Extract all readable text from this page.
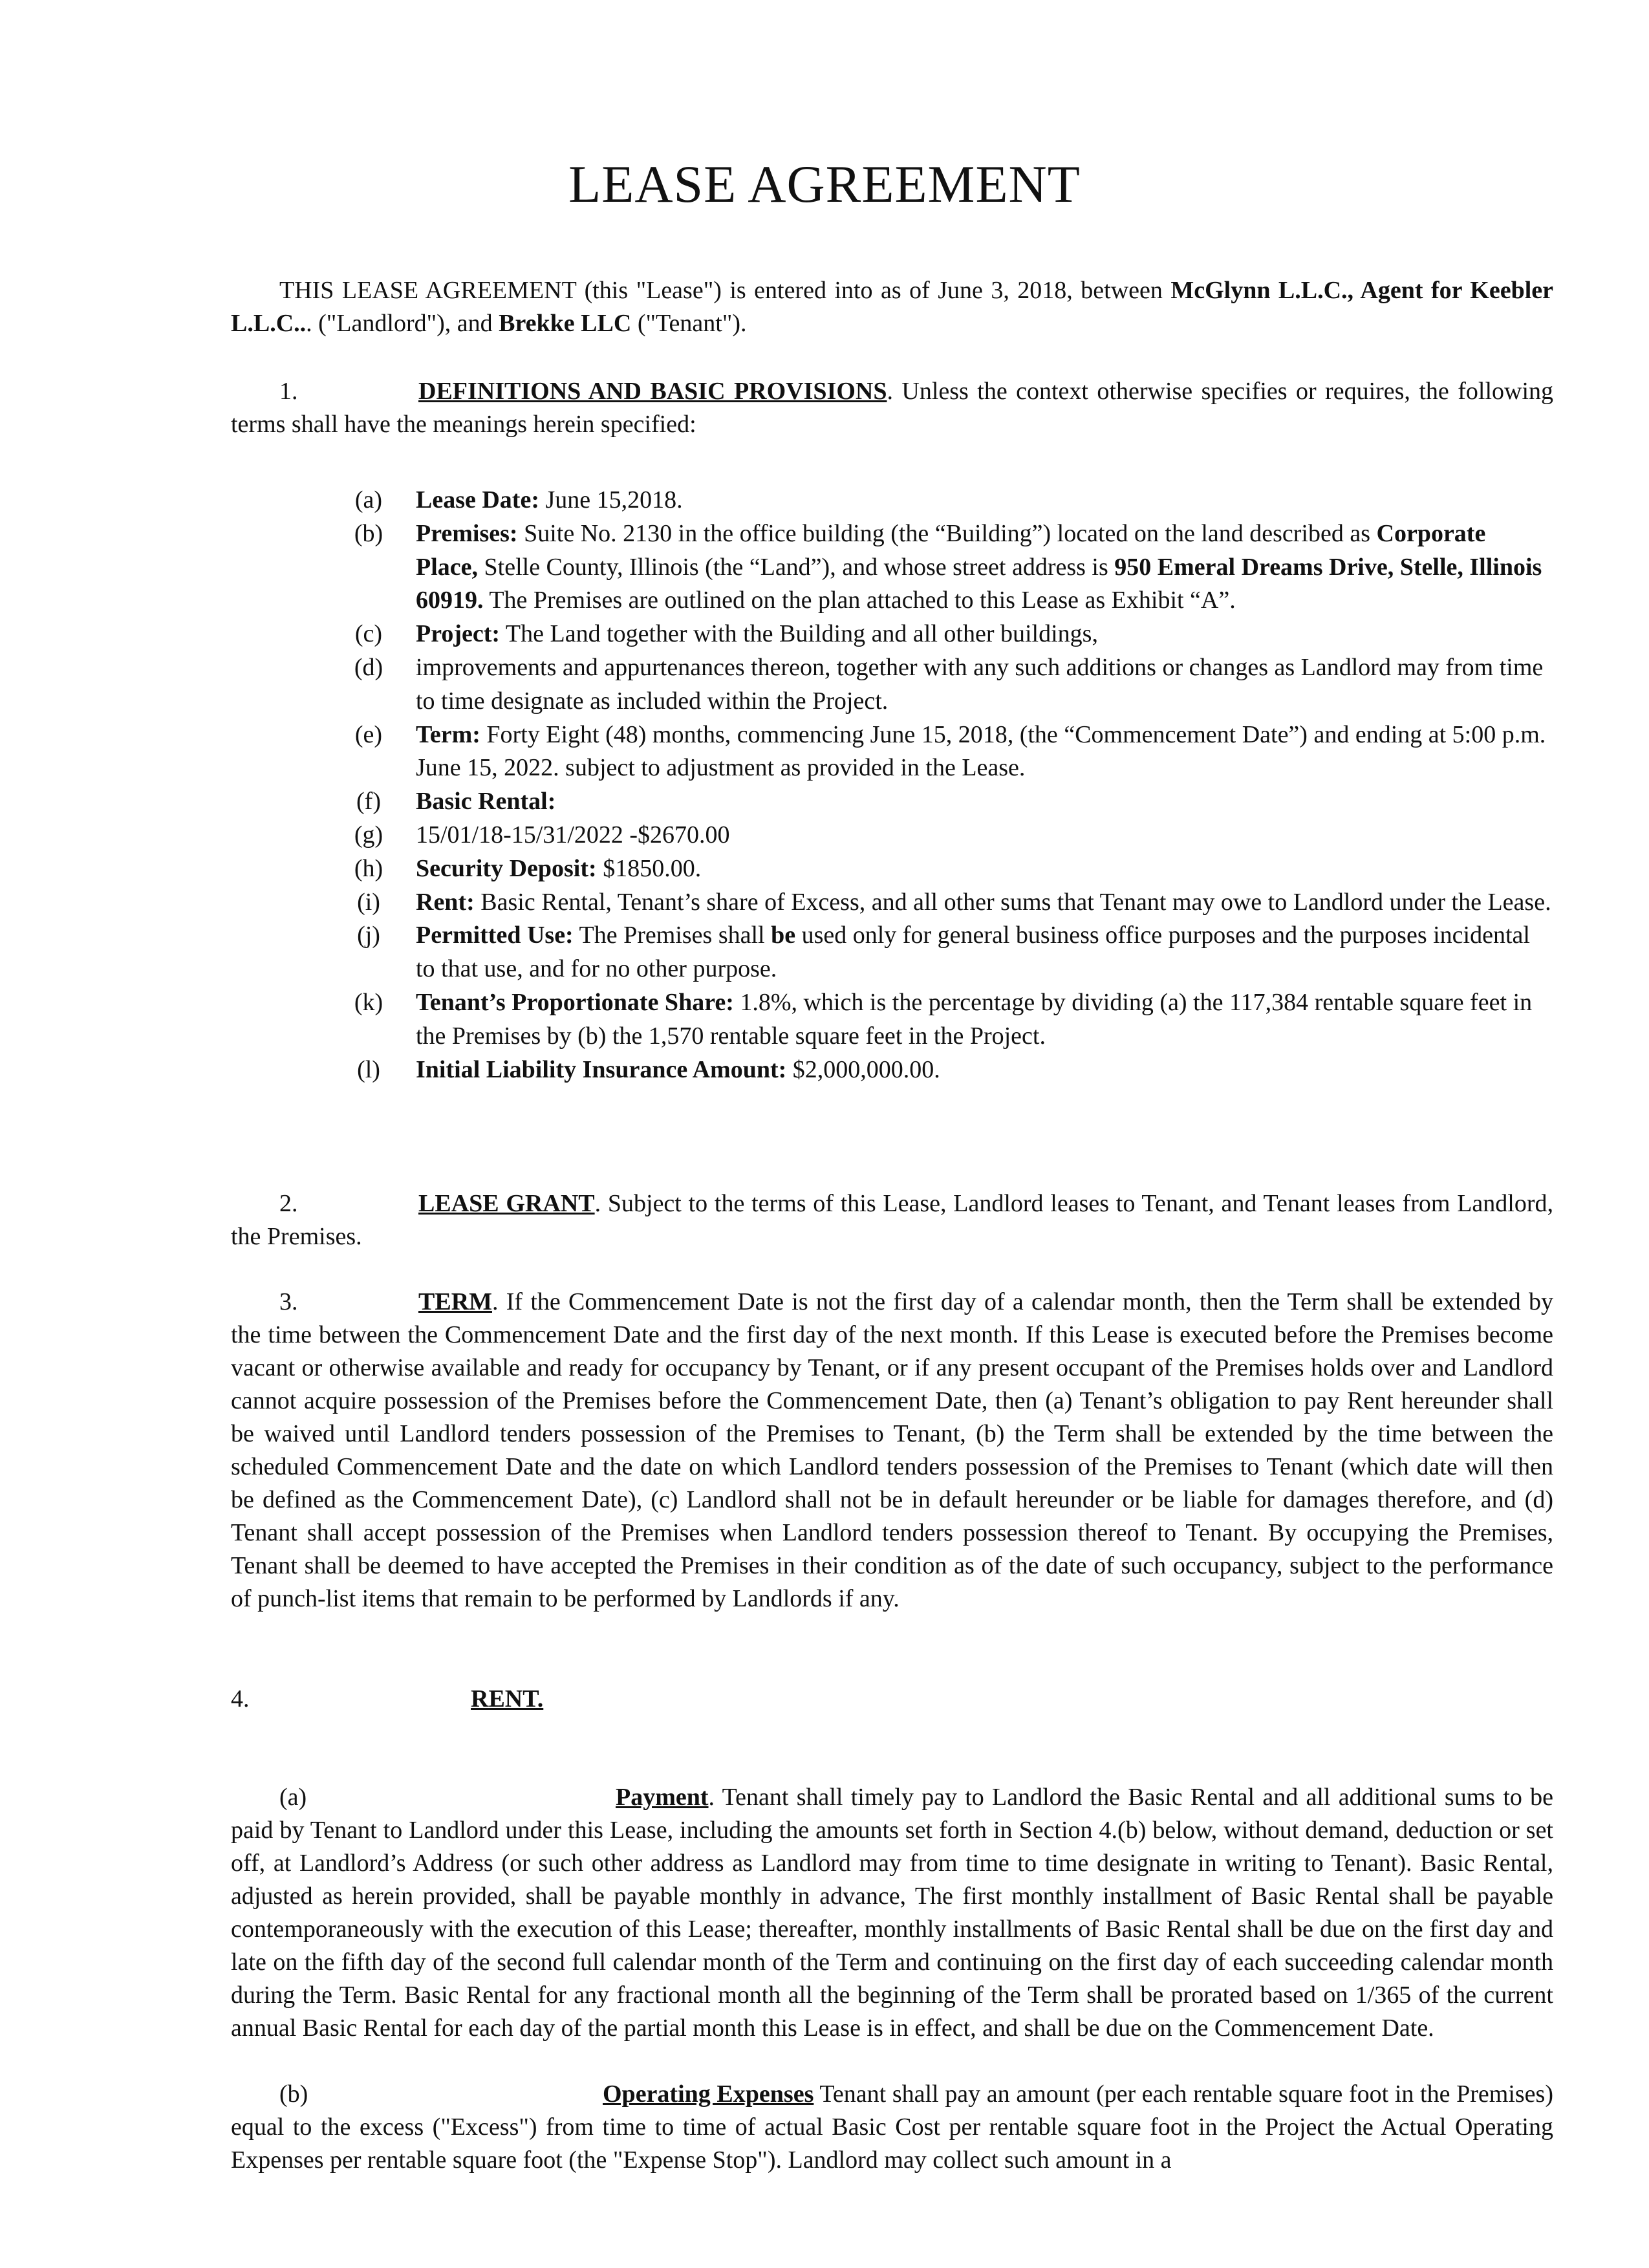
LEASE AGREEMENT

THIS LEASE AGREEMENT (this "Lease") is entered into as of June 3, 2018, between McGlynn L.L.C., Agent for Keebler L.L.C... ("Landlord"), and Brekke LLC ("Tenant").

1.	DEFINITIONS AND BASIC PROVISIONS. Unless the context otherwise specifies or requires, the following terms shall have the meanings herein specified:

(a) Lease Date: June 15,2018.

(b) Premises: Suite No. 2130 in the office building (the “Building”) located on the land described as Corporate Place, Stelle County, Illinois (the “Land”), and whose street address is 950 Emeral Dreams Drive, Stelle, Illinois 60919. The Premises are outlined on the plan attached to this Lease as Exhibit “A”.

(c) Project: The Land together with the Building and all other buildings,

(d) improvements and appurtenances thereon, together with any such additions or changes as Landlord may from time to time designate as included within the Project.

(e) Term: Forty Eight (48) months, commencing June 15, 2018, (the “Commencement Date”) and ending at 5:00 p.m. June 15, 2022. subject to adjustment as provided in the Lease.

(f) Basic Rental:

(g) 15/01/18-15/31/2022 -$2670.00

(h) Security Deposit: $1850.00.

(i)	Rent: Basic Rental, Tenant’s share of Excess, and all other sums that Tenant may owe to Landlord under the Lease.

(j)	Permitted Use: The Premises shall be used only for general business office purposes and the purposes incidental to that use, and for no other purpose.

(k) Tenant’s Proportionate Share: 1.8%, which is the percentage by dividing (a) the 117,384 rentable square feet in the Premises by (b) the 1,570 rentable square feet in the Project.

(l)	Initial Liability Insurance Amount: $2,000,000.00.

2.	LEASE GRANT. Subject to the terms of this Lease, Landlord leases to Tenant, and Tenant leases from Landlord, the Premises.

3.	TERM. If the Commencement Date is not the first day of a calendar month, then the Term shall be extended by the time between the Commencement Date and the first day of the next month. If this Lease is executed before the Premises become vacant or otherwise available and ready for occupancy by Tenant, or if any present occupant of the Premises holds over and Landlord cannot acquire possession of the Premises before the Commencement Date, then (a) Tenant’s obligation to pay Rent hereunder shall be waived until Landlord tenders possession of the Premises to Tenant, (b) the Term shall be extended by the time between the scheduled Commencement Date and the date on which Landlord tenders possession of the Premises to Tenant (which date will then be defined as the Commencement Date), (c) Landlord shall not be in default hereunder or be liable for damages therefore, and (d) Tenant shall accept possession of the Premises when Landlord tenders possession thereof to Tenant. By occupying the Premises, Tenant shall be deemed to have accepted the Premises in their condition as of the date of such occupancy, subject to the performance of punch-list items that remain to be performed by Landlords if any.

4.	RENT.

(a)	Payment. Tenant shall timely pay to Landlord the Basic Rental and all additional sums to be paid by Tenant to Landlord under this Lease, including the amounts set forth in Section 4.(b) below, without demand, deduction or set off, at Landlord’s Address (or such other address as Landlord may from time to time designate in writing to Tenant). Basic Rental, adjusted as herein provided, shall be payable monthly in advance, The first monthly installment of Basic Rental shall be payable contemporaneously with the execution of this Lease; thereafter, monthly installments of Basic Rental shall be due on the first day and late on the fifth day of the second full calendar month of the Term and continuing on the first day of each succeeding calendar month during the Term. Basic Rental for any fractional month all the beginning of the Term shall be prorated based on 1/365 of the current annual Basic Rental for each day of the partial month this Lease is in effect, and shall be due on the Commencement Date.

(b)	Operating Expenses Tenant shall pay an amount (per each rentable square foot in the Premises) equal to the excess ("Excess") from time to time of actual Basic Cost per rentable square foot in the Project the Actual Operating Expenses per rentable square foot (the "Expense Stop"). Landlord may collect such amount in a
